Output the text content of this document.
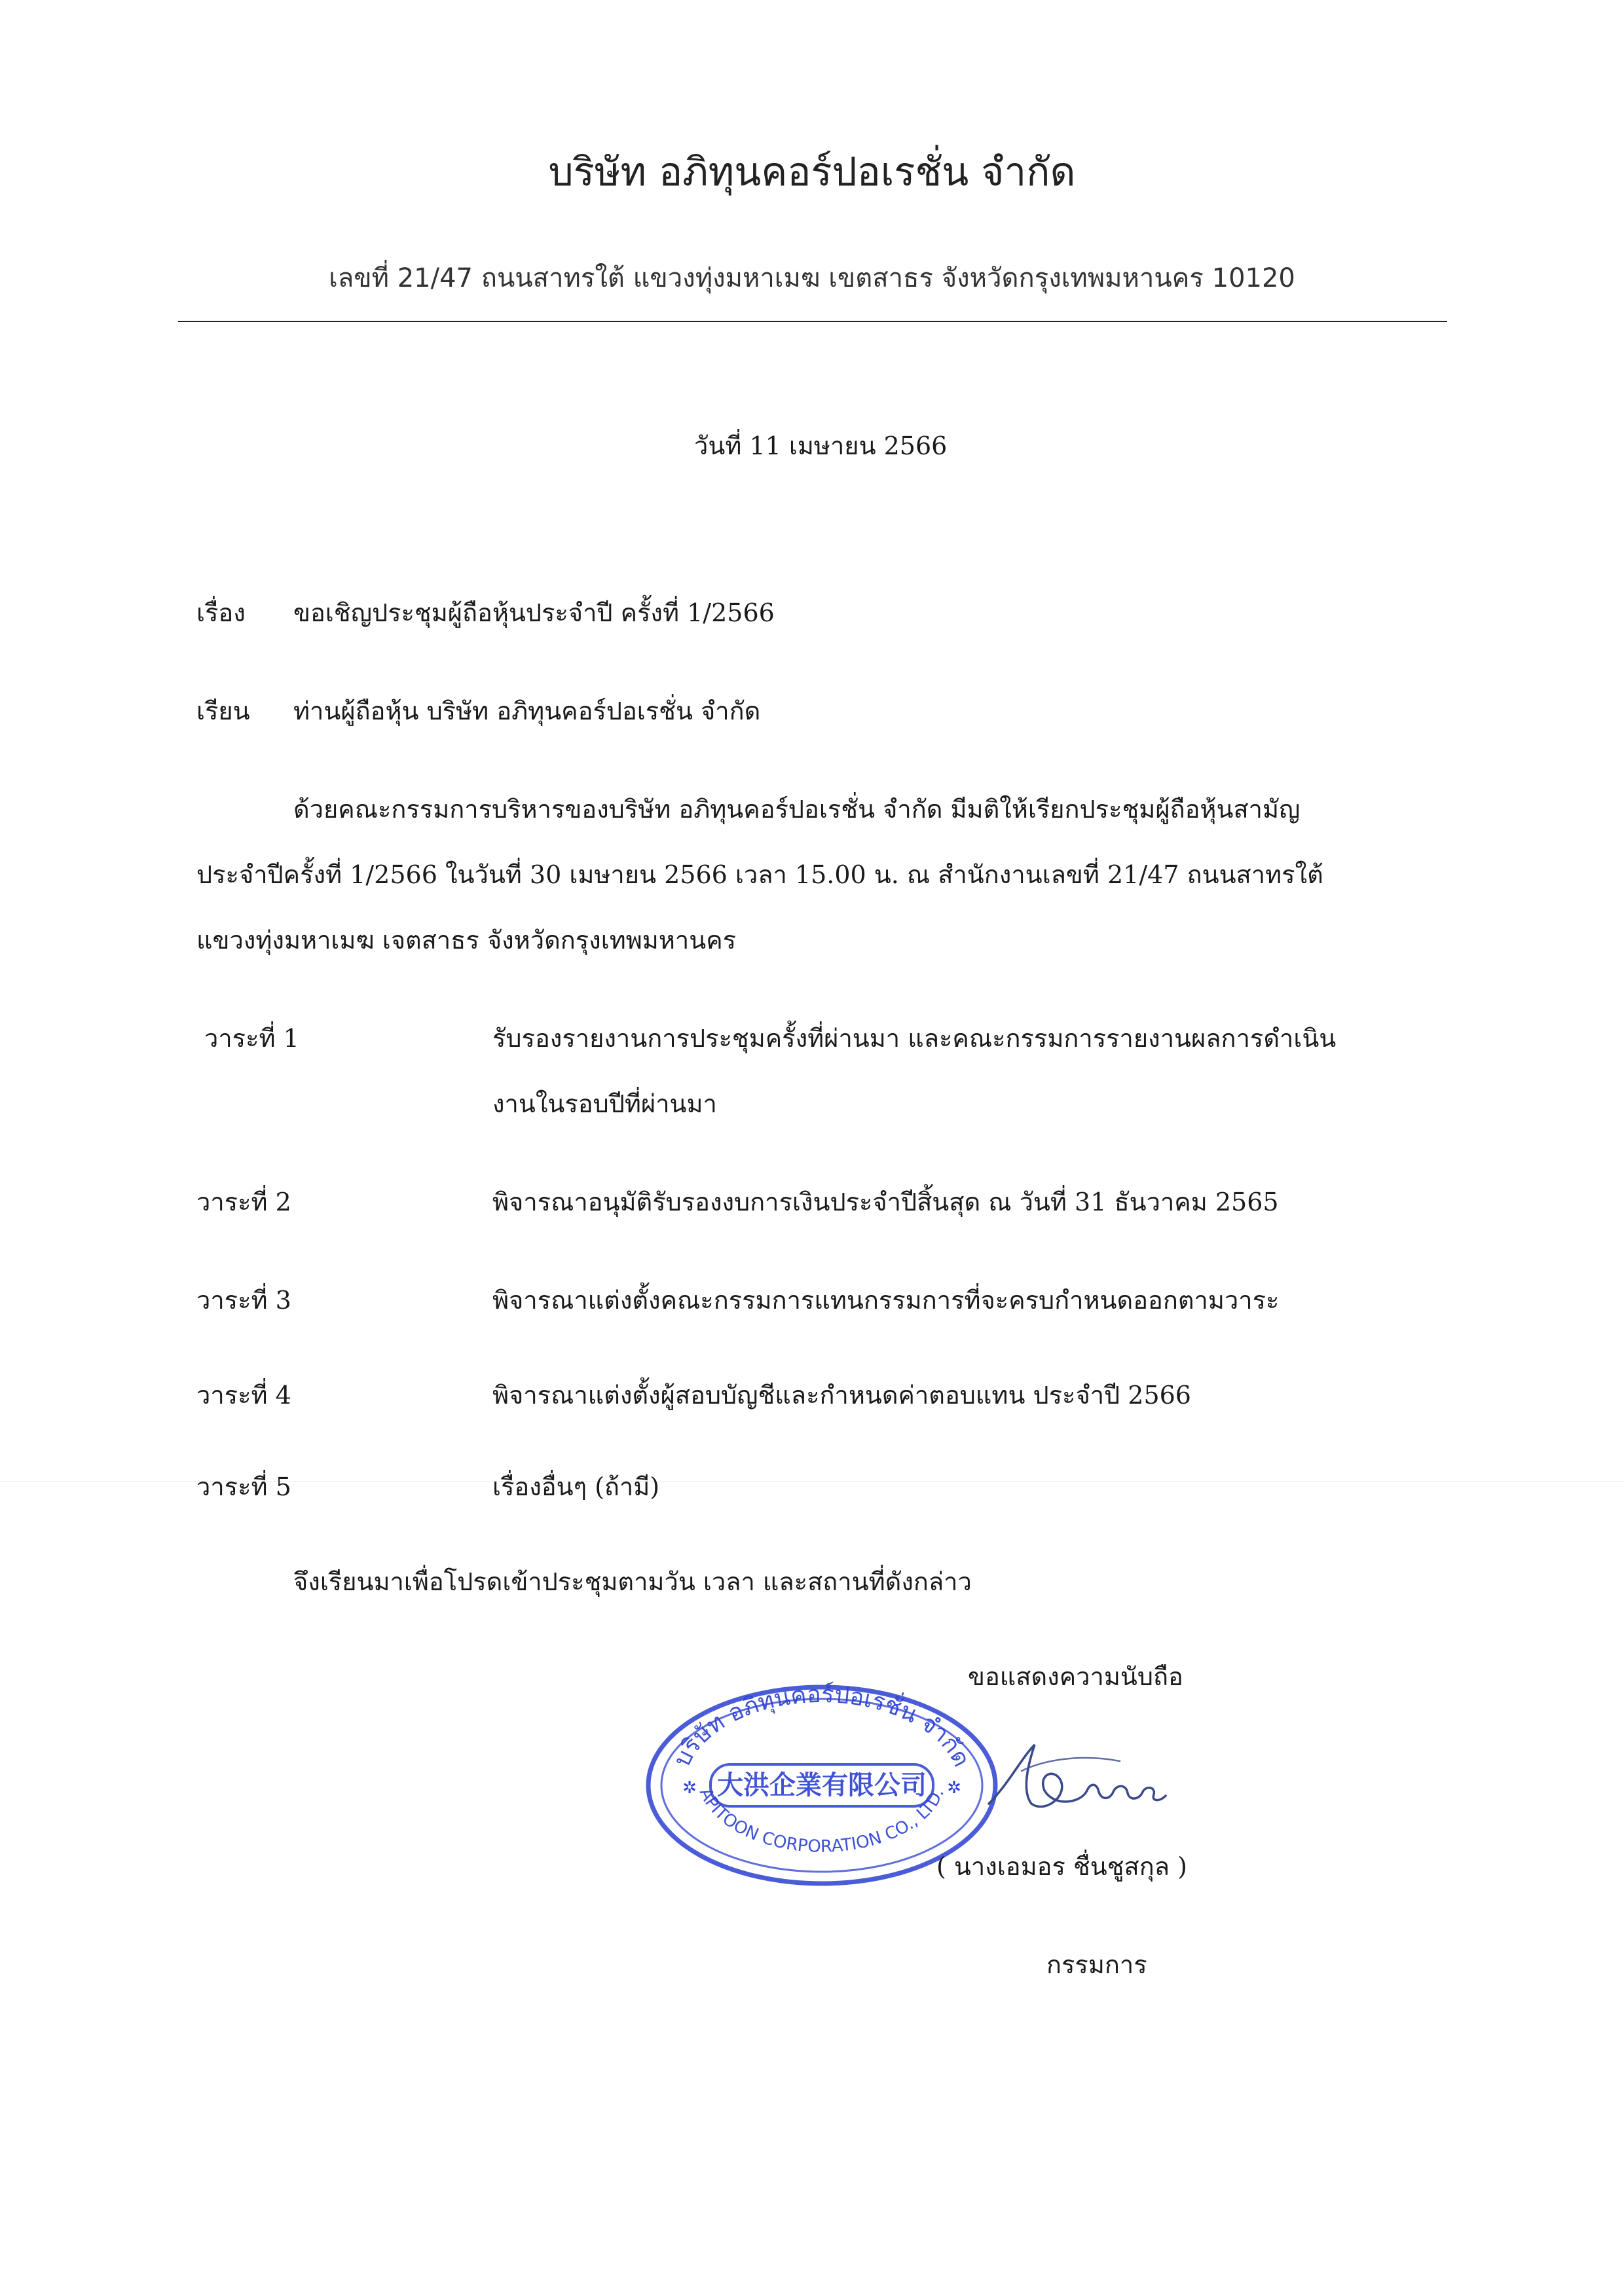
บริษัท อภิทุนคอร์ปอเรชั่น จำกัด
เลขที่ 21/47 ถนนสาทรใต้ แขวงทุ่งมหาเมฆ เขตสาธร จังหวัดกรุงเทพมหานคร 10120
วันที่ 11 เมษายน 2566
เรื่อง ขอเชิญประชุมผู้ถือหุ้นประจำปี ครั้งที่ 1/2566
เรียน ท่านผู้ถือหุ้น บริษัท อภิทุนคอร์ปอเรชั่น จำกัด
ด้วยคณะกรรมการบริหารของบริษัท อภิทุนคอร์ปอเรชั่น จำกัด มีมติให้เรียกประชุมผู้ถือหุ้นสามัญ
ประจำปีครั้งที่ 1/2566 ในวันที่ 30 เมษายน 2566 เวลา 15.00 น. ณ สำนักงานเลขที่ 21/47 ถนนสาทรใต้
แขวงทุ่งมหาเมฆ เจตสาธร จังหวัดกรุงเทพมหานคร
วาระที่ 1	รับรองรายงานการประชุมครั้งที่ผ่านมา และคณะกรรมการรายงานผลการดำเนิน
งานในรอบปีที่ผ่านมา
วาระที่ 2	พิจารณาอนุมัติรับรองงบการเงินประจำปีสิ้นสุด ณ วันที่ 31 ธันวาคม 2565
วาระที่ 3	พิจารณาแต่งตั้งคณะกรรมการแทนกรรมการที่จะครบกำหนดออกตามวาระ
วาระที่ 4	พิจารณาแต่งตั้งผู้สอบบัญชีและกำหนดค่าตอบแทน ประจำปี 2566
วาระที่ 5	เรื่องอื่นๆ (ถ้ามี)
จึงเรียนมาเพื่อโปรดเข้าประชุมตามวัน เวลา และสถานที่ดังกล่าว
ขอแสดงความนับถือ
บริษัท อภิทุนคอร์ปอเรชั่น จำกัด
APITOON CORPORATION CO., LTD.
大洪企業有限公司
✲	✲
( นางเอมอร ชื่นชูสกุล )
กรรมการ
